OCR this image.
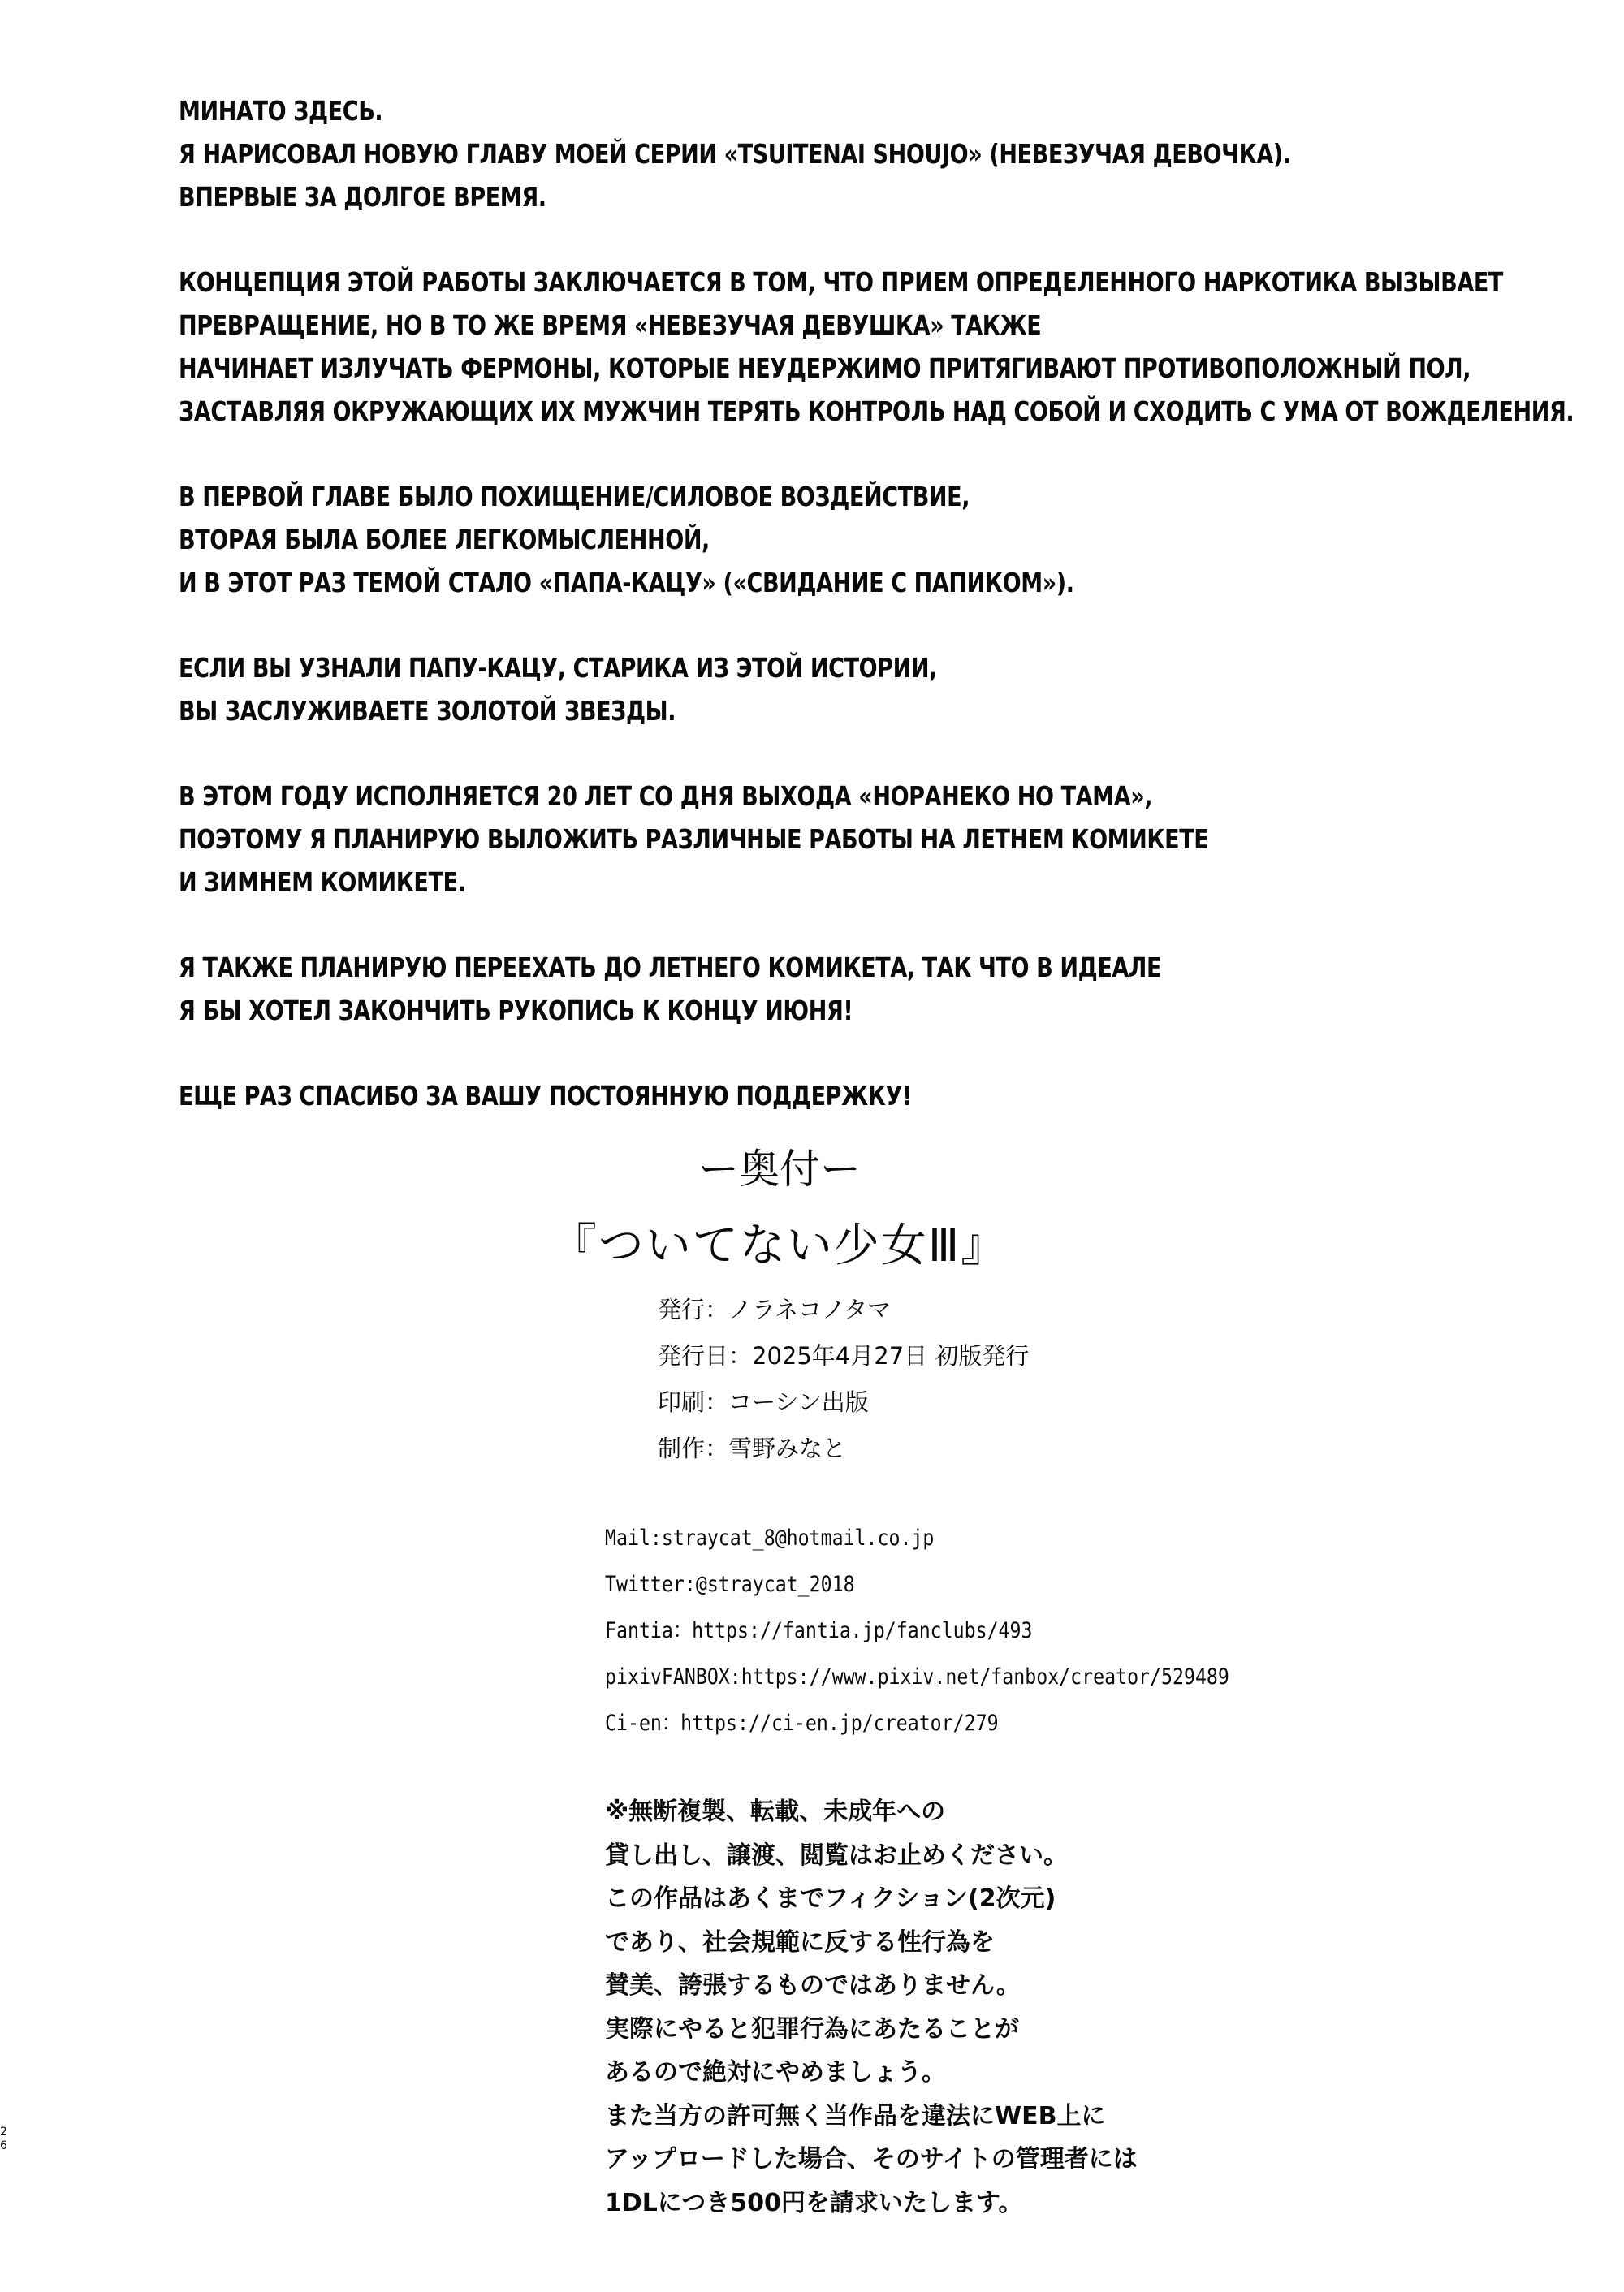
МИНАТО ЗДЕСЬ.
Я НАРИСОВАЛ НОВУЮ ГЛАВУ МОЕЙ СЕРИИ «TSUITENAI SHOUJO» (НЕВЕЗУЧАЯ ДЕВОЧКА).
ВПЕРВЫЕ ЗА ДОЛГОЕ ВРЕМЯ.
КОНЦЕПЦИЯ ЭТОЙ РАБОТЫ ЗАКЛЮЧАЕТСЯ В ТОМ, ЧТО ПРИЕМ ОПРЕДЕЛЕННОГО НАРКОТИКА ВЫЗЫВАЕТ
ПРЕВРАЩЕНИЕ, НО В ТО ЖЕ ВРЕМЯ «НЕВЕЗУЧАЯ ДЕВУШКА» ТАКЖЕ
НАЧИНАЕТ ИЗЛУЧАТЬ ФЕРМОНЫ, КОТОРЫЕ НЕУДЕРЖИМО ПРИТЯГИВАЮТ ПРОТИВОПОЛОЖНЫЙ ПОЛ,
ЗАСТАВЛЯЯ ОКРУЖАЮЩИХ ИХ МУЖЧИН ТЕРЯТЬ КОНТРОЛЬ НАД СОБОЙ И СХОДИТЬ С УМА ОТ ВОЖДЕЛЕНИЯ.
В ПЕРВОЙ ГЛАВЕ БЫЛО ПОХИЩЕНИЕ/СИЛОВОЕ ВОЗДЕЙСТВИЕ,
ВТОРАЯ БЫЛА БОЛЕЕ ЛЕГКОМЫСЛЕННОЙ,
И В ЭТОТ РАЗ ТЕМОЙ СТАЛО «ПАПА-КАЦУ» («СВИДАНИЕ С ПАПИКОМ»).
ЕСЛИ ВЫ УЗНАЛИ ПАПУ-КАЦУ, СТАРИКА ИЗ ЭТОЙ ИСТОРИИ,
ВЫ ЗАСЛУЖИВАЕТЕ ЗОЛОТОЙ ЗВЕЗДЫ.
В ЭТОМ ГОДУ ИСПОЛНЯЕТСЯ 20 ЛЕТ СО ДНЯ ВЫХОДА «НОРАНЕКО НО ТАМА»,
ПОЭТОМУ Я ПЛАНИРУЮ ВЫЛОЖИТЬ РАЗЛИЧНЫЕ РАБОТЫ НА ЛЕТНЕМ КОМИКЕТЕ
И ЗИМНЕМ КОМИКЕТЕ.
Я ТАКЖЕ ПЛАНИРУЮ ПЕРЕЕХАТЬ ДО ЛЕТНЕГО КОМИКЕТА, ТАК ЧТО В ИДЕАЛЕ
Я БЫ ХОТЕЛ ЗАКОНЧИТЬ РУКОПИСЬ К КОНЦУ ИЮНЯ!
ЕЩЕ РАЗ СПАСИБО ЗА ВАШУ ПОСТОЯННУЮ ПОДДЕРЖКУ!
ー奥付ー
『ついてない少女Ⅲ』
発行：ノラネコノタマ
発行日：2025年4月27日 初版発行
印刷：コーシン出版
制作：雪野みなと
Mail:straycat_8@hotmail.co.jp
Twitter:@straycat_2018
Fantia：https://fantia.jp/fanclubs/493
pixivFANBOX:https://www.pixiv.net/fanbox/creator/529489
Ci-en：https://ci-en.jp/creator/279
※無断複製、転載、未成年への
貸し出し、譲渡、閲覧はお止めください。
この作品はあくまでフィクション(2次元)
であり、社会規範に反する性行為を
賛美、誇張するものではありません。
実際にやると犯罪行為にあたることが
あるので絶対にやめましょう。
また当方の許可無く当作品を違法にWEB上に
アップロードした場合、そのサイトの管理者には
1DLにつき500円を請求いたします。
2
6
